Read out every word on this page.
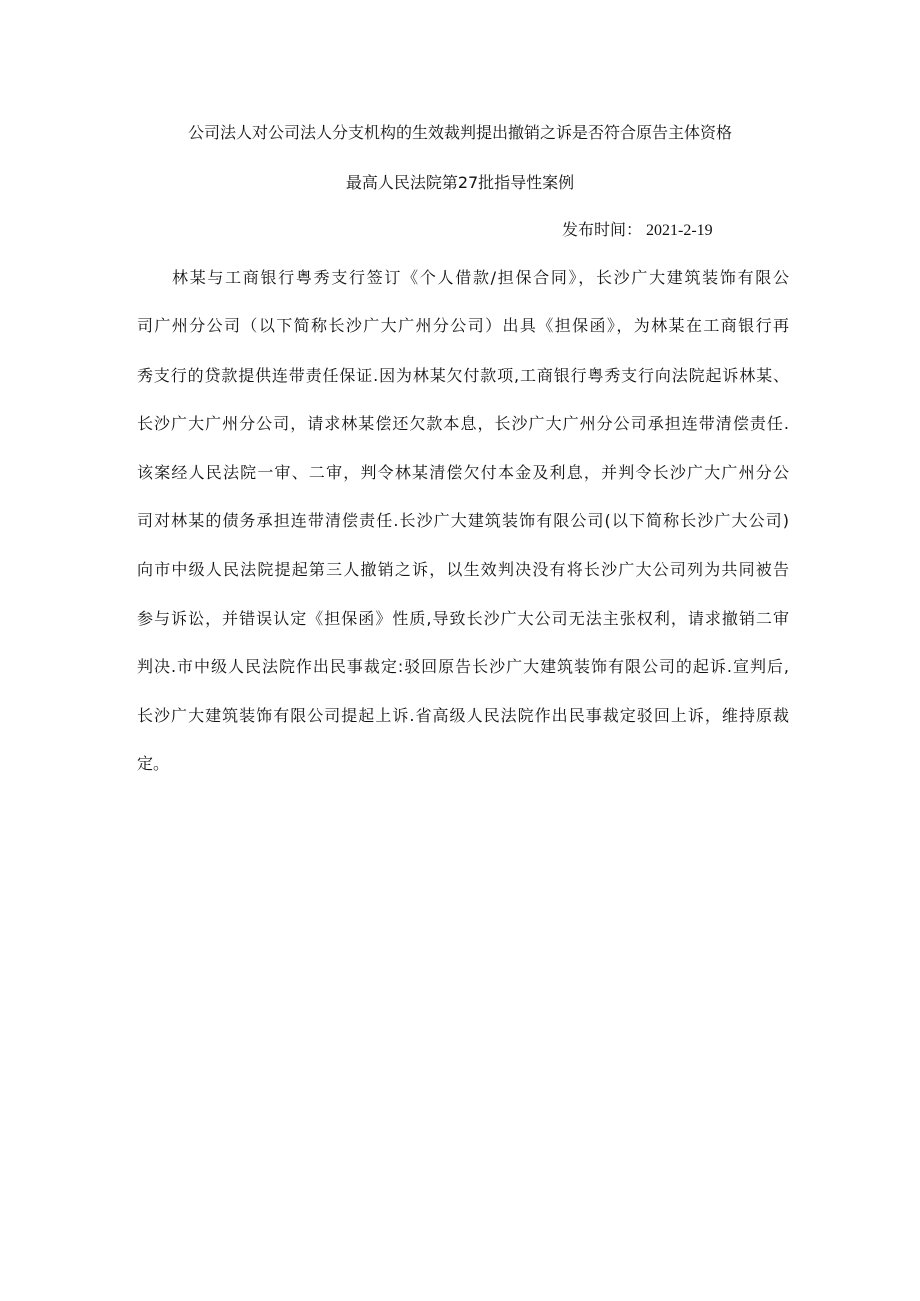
公司法人对公司法人分支机构的生效裁判提出撤销之诉是否符合原告主体资格
最高人民法院第27批指导性案例
发布时间： 2021-2-19
林某与工商银行粤秀支行签订《个人借款/担保合同》，长沙广大建筑装饰有限公
司广州分公司（以下简称长沙广大广州分公司）出具《担保函》，为林某在工商银行再
秀支行的贷款提供连带责任保证.因为林某欠付款项,工商银行粤秀支行向法院起诉林某、
长沙广大广州分公司，请求林某偿还欠款本息，长沙广大广州分公司承担连带清偿责任.
该案经人民法院一审、二审，判令林某清偿欠付本金及利息，并判令长沙广大广州分公
司对林某的债务承担连带清偿责任.长沙广大建筑装饰有限公司(以下简称长沙广大公司)
向市中级人民法院提起第三人撤销之诉，以生效判决没有将长沙广大公司列为共同被告
参与诉讼，并错误认定《担保函》性质,导致长沙广大公司无法主张权利，请求撤销二审
判决.市中级人民法院作出民事裁定:驳回原告长沙广大建筑装饰有限公司的起诉.宣判后,
长沙广大建筑装饰有限公司提起上诉.省高级人民法院作出民事裁定驳回上诉，维持原裁
定。
